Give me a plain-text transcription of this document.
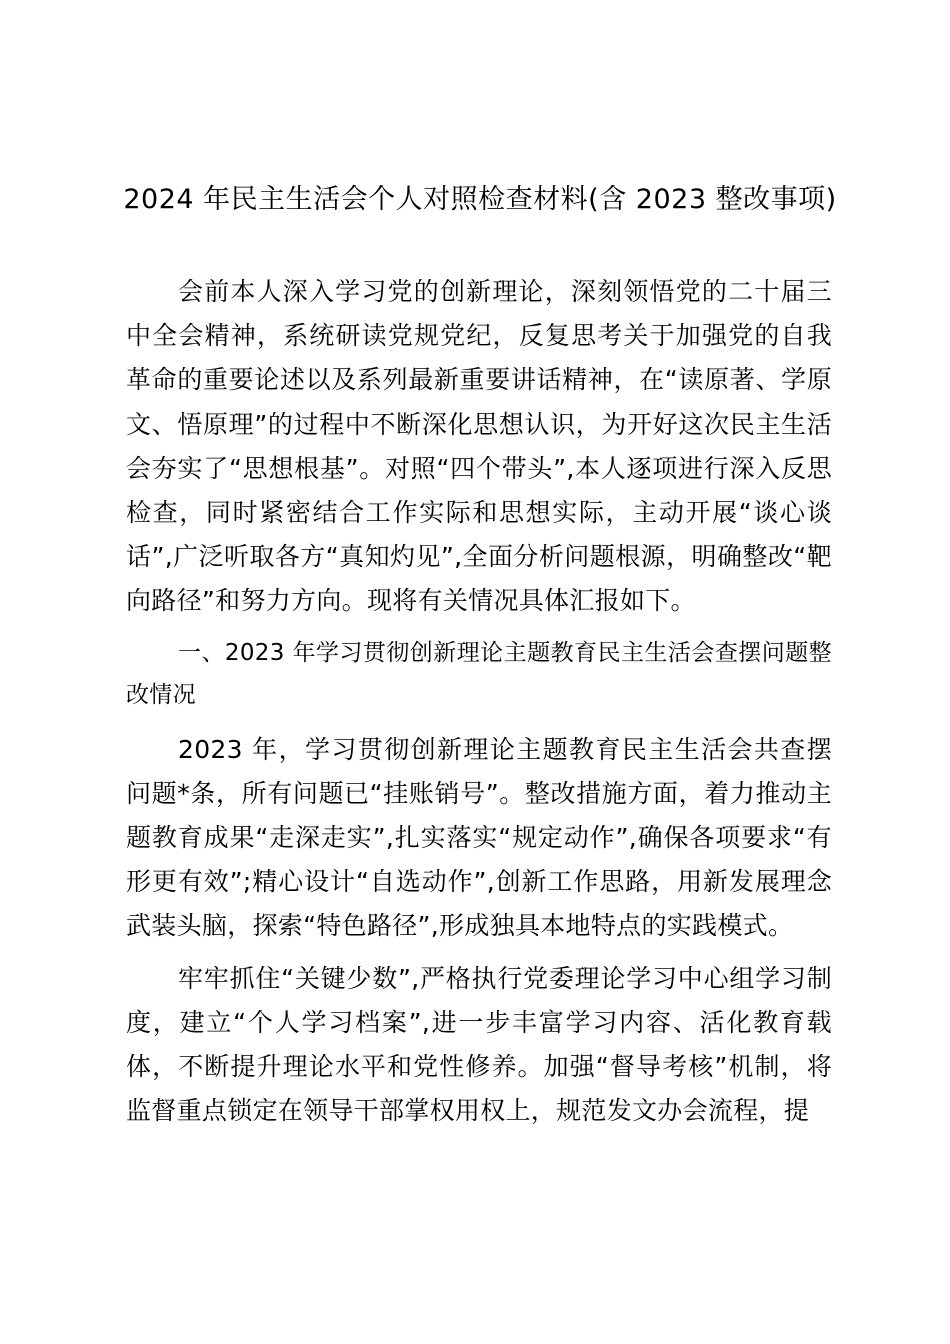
2024 年民主生活会个人对照检查材料(含 2023 整改事项)

会前本人深入学习党的创新理论，深刻领悟党的二十届三中全会精神，系统研读党规党纪，反复思考关于加强党的自我革命的重要论述以及系列最新重要讲话精神，在“读原著、学原文、悟原理”的过程中不断深化思想认识，为开好这次民主生活会夯实了“思想根基”。对照“四个带头”,本人逐项进行深入反思检查，同时紧密结合工作实际和思想实际，主动开展“谈心谈话”,广泛听取各方“真知灼见”,全面分析问题根源，明确整改“靶向路径”和努力方向。现将有关情况具体汇报如下。

一、2023 年学习贯彻创新理论主题教育民主生活会查摆问题整改情况

2023 年，学习贯彻创新理论主题教育民主生活会共查摆问题*条，所有问题已“挂账销号”。整改措施方面，着力推动主题教育成果“走深走实”,扎实落实“规定动作”,确保各项要求“有形更有效”;精心设计“自选动作”,创新工作思路，用新发展理念武装头脑，探索“特色路径”,形成独具本地特点的实践模式。

牢牢抓住“关键少数”,严格执行党委理论学习中心组学习制度，建立“个人学习档案”,进一步丰富学习内容、活化教育载体，不断提升理论水平和党性修养。加强“督导考核”机制，将监督重点锁定在领导干部掌权用权上，规范发文办会流程，提
